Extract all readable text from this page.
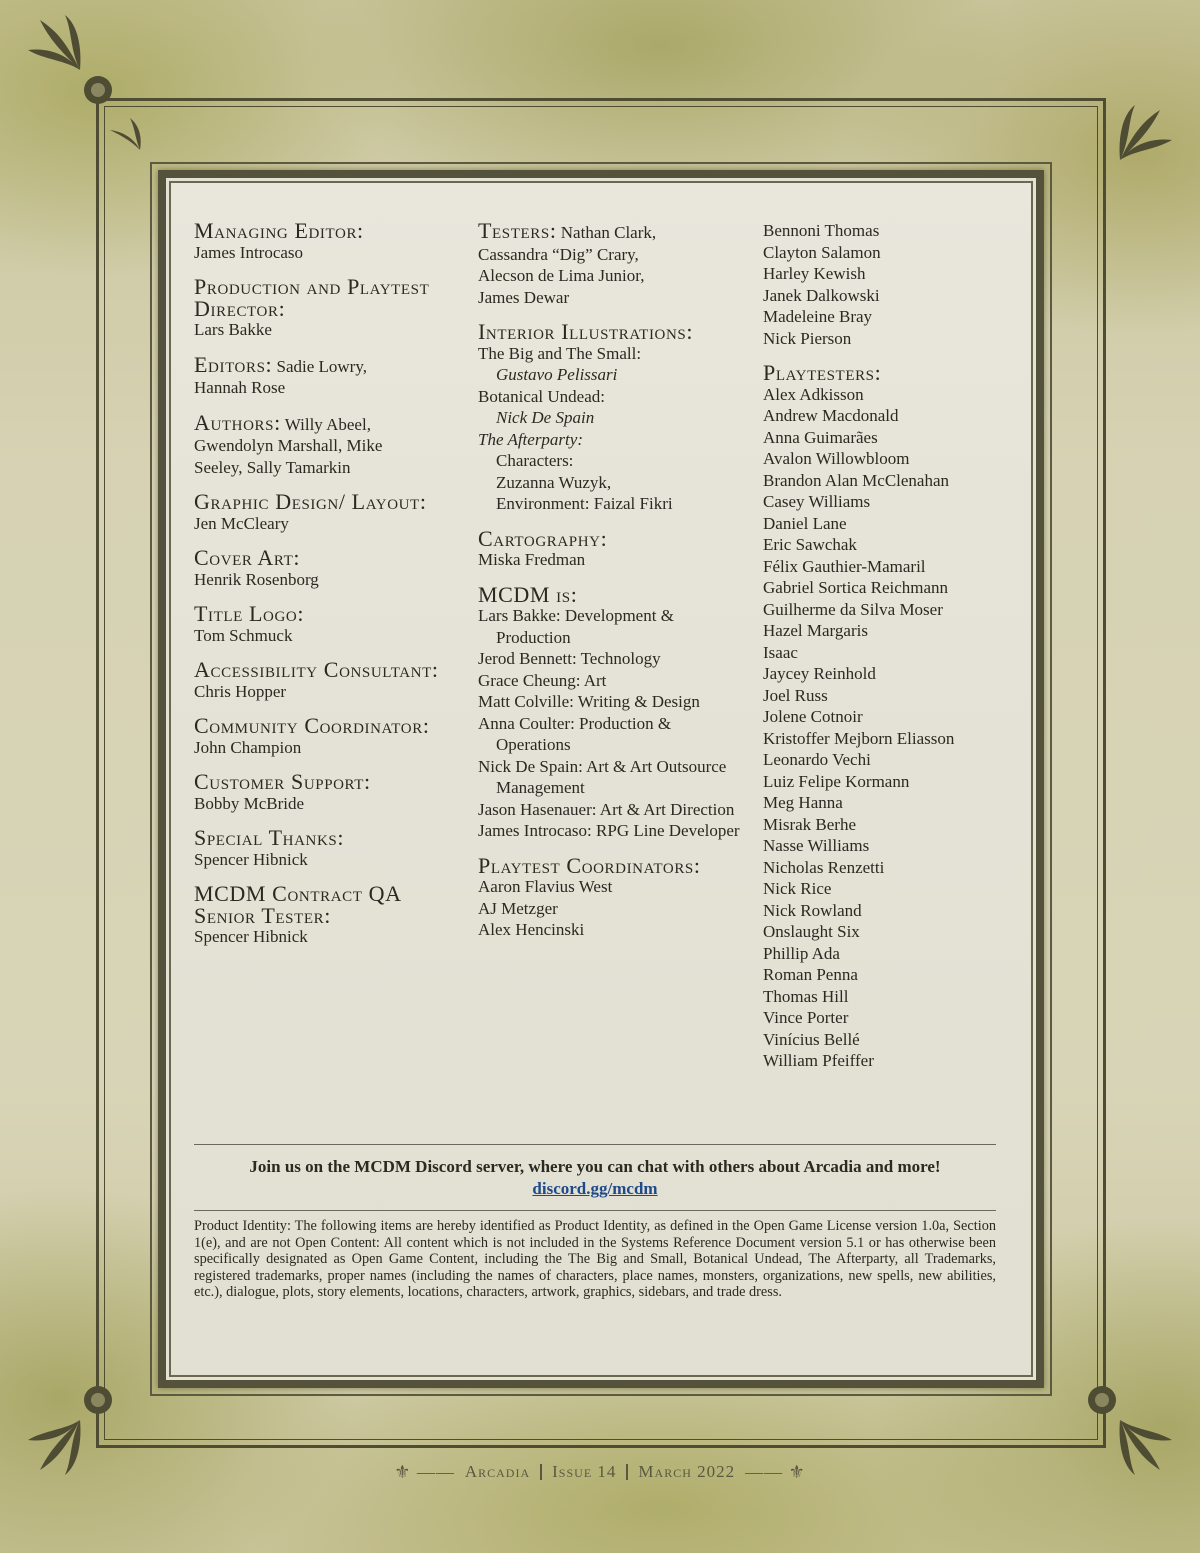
Managing Editor:
James Introcaso
Production and Playtest Director:
Lars Bakke
Editors: Sadie Lowry,
Hannah Rose
Authors: Willy Abeel,
Gwendolyn Marshall, Mike
Seeley, Sally Tamarkin
Graphic Design/ Layout:
Jen McCleary
Cover Art:
Henrik Rosenborg
Title Logo:
Tom Schmuck
Accessibility Consultant:
Chris Hopper
Community Coordinator:
John Champion
Customer Support:
Bobby McBride
Special Thanks:
Spencer Hibnick
MCDM Contract QA Senior Tester:
Spencer Hibnick
Testers: Nathan Clark,
Cassandra “Dig” Crary,
Alecson de Lima Junior,
James Dewar
Interior Illustrations:
The Big and The Small:
Gustavo Pelissari
Botanical Undead:
Nick De Spain
The Afterparty:
Characters:
Zuzanna Wuzyk,
Environment: Faizal Fikri
Cartography:
Miska Fredman
MCDM is:
Lars Bakke: Development & Production
Jerod Bennett: Technology
Grace Cheung: Art
Matt Colville: Writing & Design
Anna Coulter: Production & Operations
Nick De Spain: Art & Art Outsource Management
Jason Hasenauer: Art & Art Direction
James Introcaso: RPG Line Developer
Playtest Coordinators:
Aaron Flavius West
AJ Metzger
Alex Hencinski
Bennoni Thomas
Clayton Salamon
Harley Kewish
Janek Dalkowski
Madeleine Bray
Nick Pierson
Playtesters:
Alex Adkisson
Andrew Macdonald
Anna Guimarães
Avalon Willowbloom
Brandon Alan McClenahan
Casey Williams
Daniel Lane
Eric Sawchak
Félix Gauthier-Mamaril
Gabriel Sortica Reichmann
Guilherme da Silva Moser
Hazel Margaris
Isaac
Jaycey Reinhold
Joel Russ
Jolene Cotnoir
Kristoffer Mejborn Eliasson
Leonardo Vechi
Luiz Felipe Kormann
Meg Hanna
Misrak Berhe
Nasse Williams
Nicholas Renzetti
Nick Rice
Nick Rowland
Onslaught Six
Phillip Ada
Roman Penna
Thomas Hill
Vince Porter
Vinícius Bellé
William Pfeiffer
Join us on the MCDM Discord server, where you can chat with others about Arcadia and more!
discord.gg/mcdm
Product Identity: The following items are hereby identified as Product Identity, as defined in the Open Game License version 1.0a, Section 1(e), and are not Open Content: All content which is not included in the Systems Reference Document version 5.1 or has otherwise been specifically designated as Open Game Content, including the The Big and Small, Botanical Undead, The Afterparty, all Trademarks, registered trademarks, proper names (including the names of characters, place names, monsters, organizations, new spells, new abilities, etc.), dialogue, plots, story elements, locations, characters, artwork, graphics, sidebars, and trade dress.
⚜ —— Arcadia Issue 14 March 2022 —— ⚜
